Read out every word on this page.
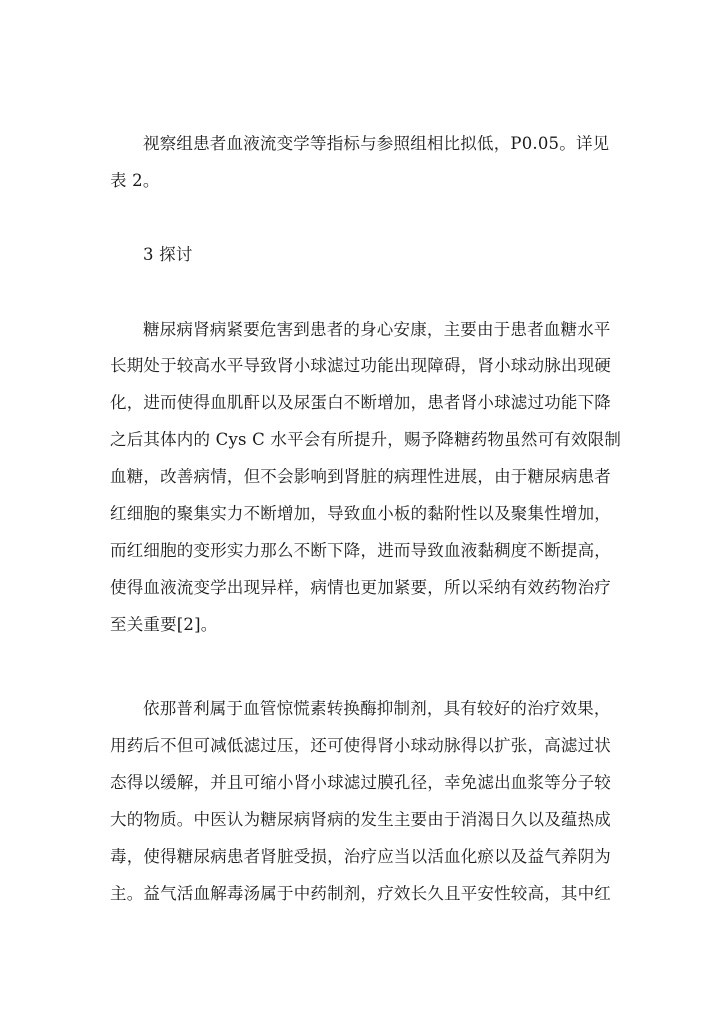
视察组患者血液流变学等指标与参照组相比拟低，P0.05。详见
表 2。
3 探讨
糖尿病肾病紧要危害到患者的身心安康，主要由于患者血糖水平
长期处于较高水平导致肾小球滤过功能出现障碍，肾小球动脉出现硬
化，进而使得血肌酐以及尿蛋白不断增加，患者肾小球滤过功能下降
之后其体内的 Cys C 水平会有所提升，赐予降糖药物虽然可有效限制
血糖，改善病情，但不会影响到肾脏的病理性进展，由于糖尿病患者
红细胞的聚集实力不断增加，导致血小板的黏附性以及聚集性增加，
而红细胞的变形实力那么不断下降，进而导致血液黏稠度不断提高，
使得血液流变学出现异样，病情也更加紧要，所以采纳有效药物治疗
至关重要[2]。
依那普利属于血管惊慌素转换酶抑制剂，具有较好的治疗效果，
用药后不但可减低滤过压，还可使得肾小球动脉得以扩张，高滤过状
态得以缓解，并且可缩小肾小球滤过膜孔径，幸免滤出血浆等分子较
大的物质。中医认为糖尿病肾病的发生主要由于消渴日久以及蕴热成
毒，使得糖尿病患者肾脏受损，治疗应当以活血化瘀以及益气养阴为
主。益气活血解毒汤属于中药制剂，疗效长久且平安性较高，其中红
